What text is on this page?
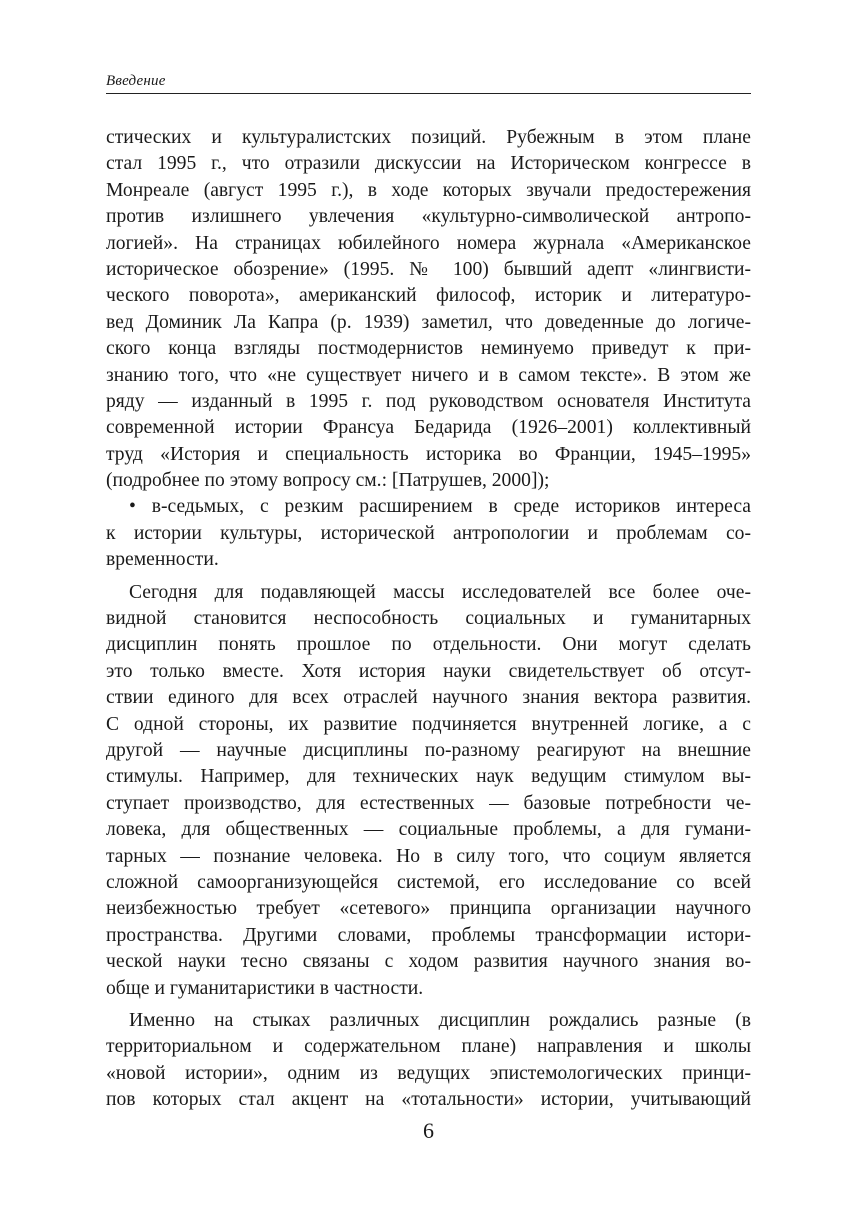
Введение
стических и культуралистских позиций. Рубежным в этом плане
стал 1995 г., что отразили дискуссии на Историческом конгрессе в
Монреале (август 1995 г.), в ходе которых звучали предостережения
против излишнего увлечения «культурно-символической антропо-
логией». На страницах юбилейного номера журнала «Американское
историческое обозрение» (1995. № 100) бывший адепт «лингвисти-
ческого поворота», американский философ, историк и литературо-
вед Доминик Ла Капра (р. 1939) заметил, что доведенные до логиче-
ского конца взгляды постмодернистов неминуемо приведут к при-
знанию того, что «не существует ничего и в самом тексте». В этом же
ряду — изданный в 1995 г. под руководством основателя Института
современной истории Франсуа Бедарида (1926–2001) коллективный
труд «История и специальность историка во Франции, 1945–1995»
(подробнее по этому вопросу см.: [Патрушев, 2000]);
• в-седьмых, с резким расширением в среде историков интереса
к истории культуры, исторической антропологии и проблемам со-
временности.
Сегодня для подавляющей массы исследователей все более оче-
видной становится неспособность социальных и гуманитарных
дисциплин понять прошлое по отдельности. Они могут сделать
это только вместе. Хотя история науки свидетельствует об отсут-
ствии единого для всех отраслей научного знания вектора развития.
С одной стороны, их развитие подчиняется внутренней логике, а с
другой — научные дисциплины по-разному реагируют на внешние
стимулы. Например, для технических наук ведущим стимулом вы-
ступает производство, для естественных — базовые потребности че-
ловека, для общественных — социальные проблемы, а для гумани-
тарных — познание человека. Но в силу того, что социум является
сложной самоорганизующейся системой, его исследование со всей
неизбежностью требует «сетевого» принципа организации научного
пространства. Другими словами, проблемы трансформации истори-
ческой науки тесно связаны с ходом развития научного знания во-
обще и гуманитаристики в частности.
Именно на стыках различных дисциплин рождались разные (в
территориальном и содержательном плане) направления и школы
«новой истории», одним из ведущих эпистемологических принци-
пов которых стал акцент на «тотальности» истории, учитывающий
6
